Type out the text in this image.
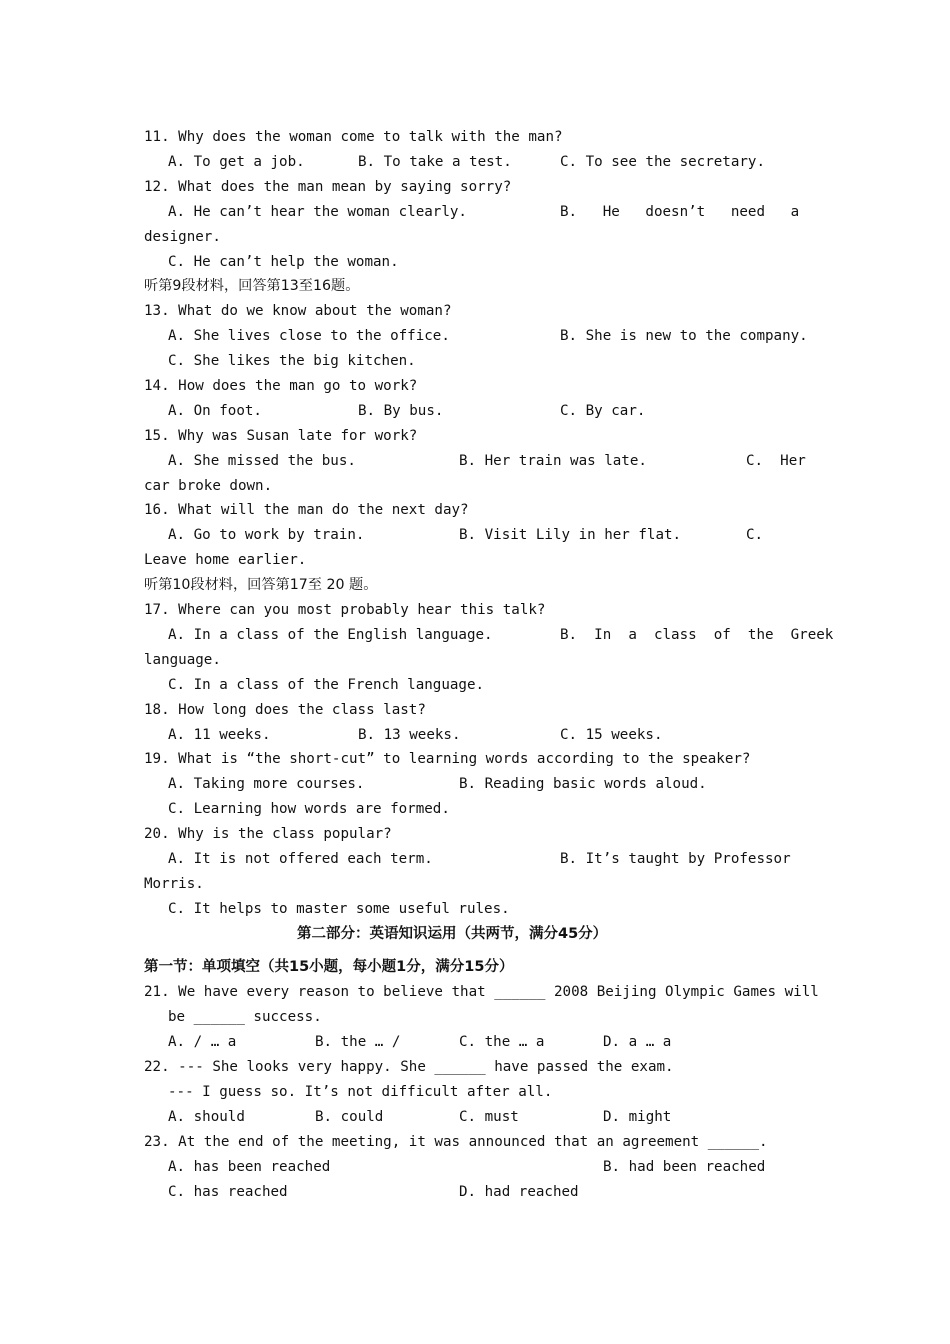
11. Why does the woman come to talk with the man?
A. To get a job.	B. To take a test.	C. To see the secretary.
12. What does the man mean by saying sorry?
A. He can’t hear the woman clearly.	B.   He   doesn’t   need   a
designer.
C. He can’t help the woman.
听第9段材料，回答第13至16题。
13. What do we know about the woman?
A. She lives close to the office.	B. She is new to the company.
C. She likes the big kitchen.
14. How does the man go to work?
A. On foot.	B. By bus.	C. By car.
15. Why was Susan late for work?
A. She missed the bus.	B. Her train was late.	C.  Her
car broke down.
16. What will the man do the next day?
A. Go to work by train.	B. Visit Lily in her flat.	C.
Leave home earlier.
听第10段材料，回答第17至 20 题。
17. Where can you most probably hear this talk?
A. In a class of the English language.	B.  In  a  class  of  the  Greek
language.
C. In a class of the French language.
18. How long does the class last?
A. 11 weeks.	B. 13 weeks.	C. 15 weeks.
19. What is “the short-cut” to learning words according to the speaker?
A. Taking more courses.	B. Reading basic words aloud.
C. Learning how words are formed.
20. Why is the class popular?
A. It is not offered each term.	B. It’s taught by Professor
Morris.
C. It helps to master some useful rules.
第二部分：英语知识运用（共两节，满分45分）
第一节：单项填空（共15小题，每小题1分，满分15分）
21. We have every reason to believe that ______ 2008 Beijing Olympic Games will
be ______ success.
A. / … a	B. the … /	C. the … a	D. a … a
22. --- She looks very happy. She ______ have passed the exam.
--- I guess so. It’s not difficult after all.
A. should	B. could	C. must	D. might
23. At the end of the meeting, it was announced that an agreement ______.
A. has been reached	B. had been reached
C. has reached	D. had reached
